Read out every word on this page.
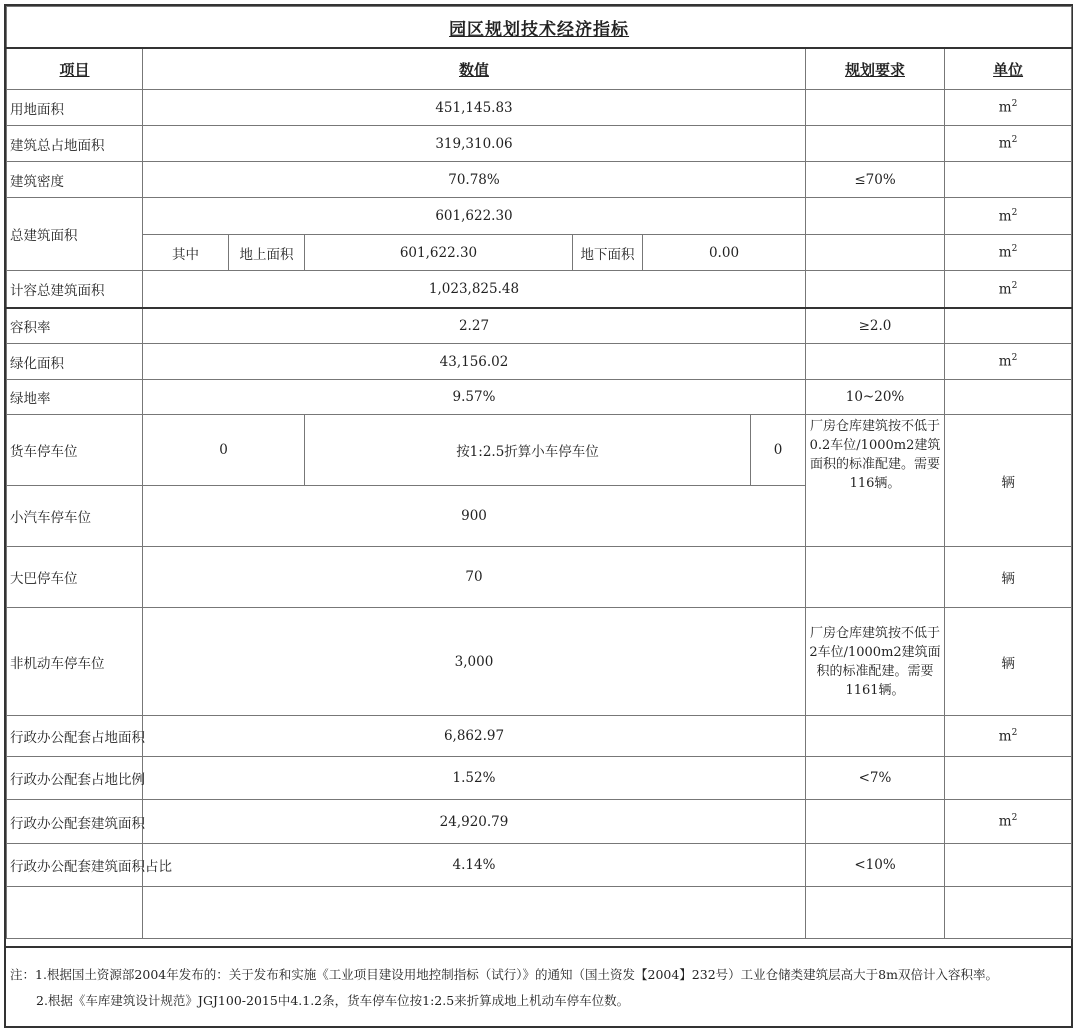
园区规划技术经济指标								
项目	数值						规划要求	单位
用地面积	451,145.83							$m^2$
建筑总占地面积	319,310.06							$m^2$
建筑密度	70.78%						≤70%	
总建筑面积	601,622.30							$m^2$
	其中	地上面积	601,622.30	地下面积	0.00			$m^2$
计容总建筑面积	1,023,825.48							$m^2$
容积率	2.27						≥2.0	
绿化面积	43,156.02							$m^2$
绿地率	9.57%						10~20%	
货车停车位	0		按1:2.5折算小车停车位			0	厂房仓库建筑按不低于0.2车位/1000m2建筑面积的标准配建。需要116辆。	辆
小汽车停车位	900							
大巴停车位	70							辆
非机动车停车位	3,000						厂房仓库建筑按不低于2车位/1000m2建筑面积的标准配建。需要1161辆。	辆
行政办公配套占地面积	6,862.97							$m^2$
行政办公配套占地比例	1.52%						<7%	
行政办公配套建筑面积	24,920.79							$m^2$
行政办公配套建筑面积占比	4.14%						<10%	

注：1.根据国土资源部2004年发布的：关于发布和实施《工业项目建设用地控制指标（试行）》的通知（国土资发【2004】232号）工业仓储类建筑层高大于8m双倍计入容积率。
2.根据《车库建筑设计规范》JGJ100-2015中4.1.2条，货车停车位按1:2.5来折算成地上机动车停车位数。
